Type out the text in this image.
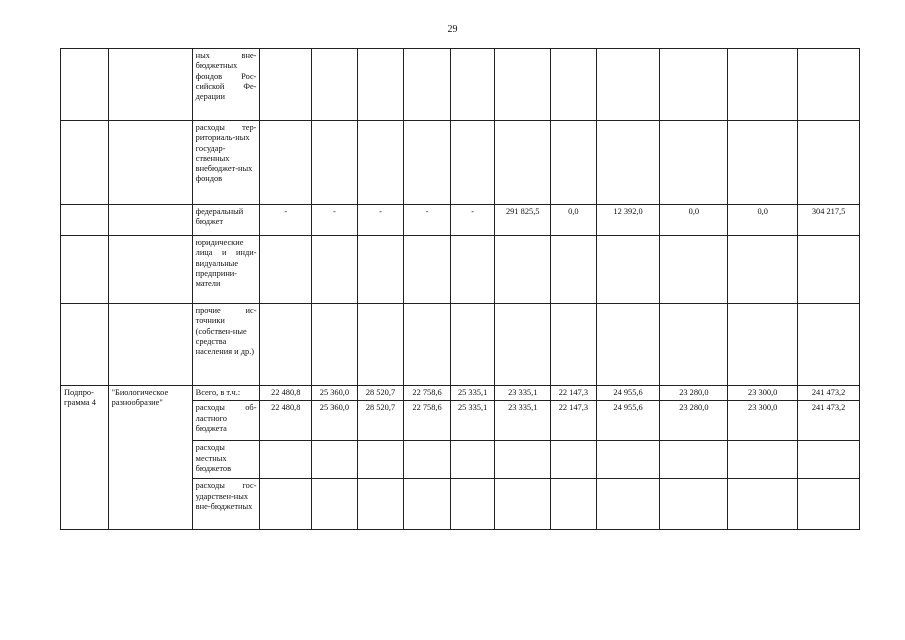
29
		ных вне-бюджетных фондов Рос-сийской Фе-дерации											
		расходы тер-риториаль-ных государ-ственных внебюджет-ных фондов											
		федеральный бюджет	-	-	-	-	-	291 825,5	0,0	12 392,0	0,0	0,0	304 217,5
		юридические лица и инди-видуальные предприни-матели											
		прочие ис-точники (собствен-ные средства населения и др.)											
Подпро-грамма 4	"Биологическое разнообразие"	Всего, в т.ч.:	22 480,8	25 360,0	28 520,7	22 758,6	25 335,1	23 335,1	22 147,3	24 955,6	23 280,0	23 300,0	241 473,2
		расходы об-ластного бюджета	22 480,8	25 360,0	28 520,7	22 758,6	25 335,1	23 335,1	22 147,3	24 955,6	23 280,0	23 300,0	241 473,2
		расходы местных бюджетов											
		расходы гос-ударствен-ных вне-бюджетных											
